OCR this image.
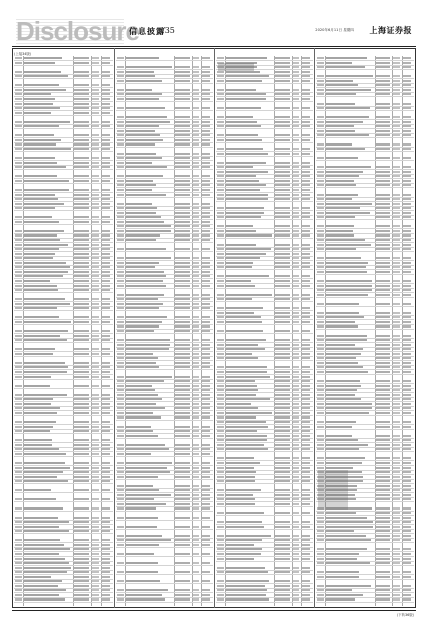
Disclosure
信息披露
/35	2020年6月11日 星期四 上海证券报
(上接34版)
(下转36版)
